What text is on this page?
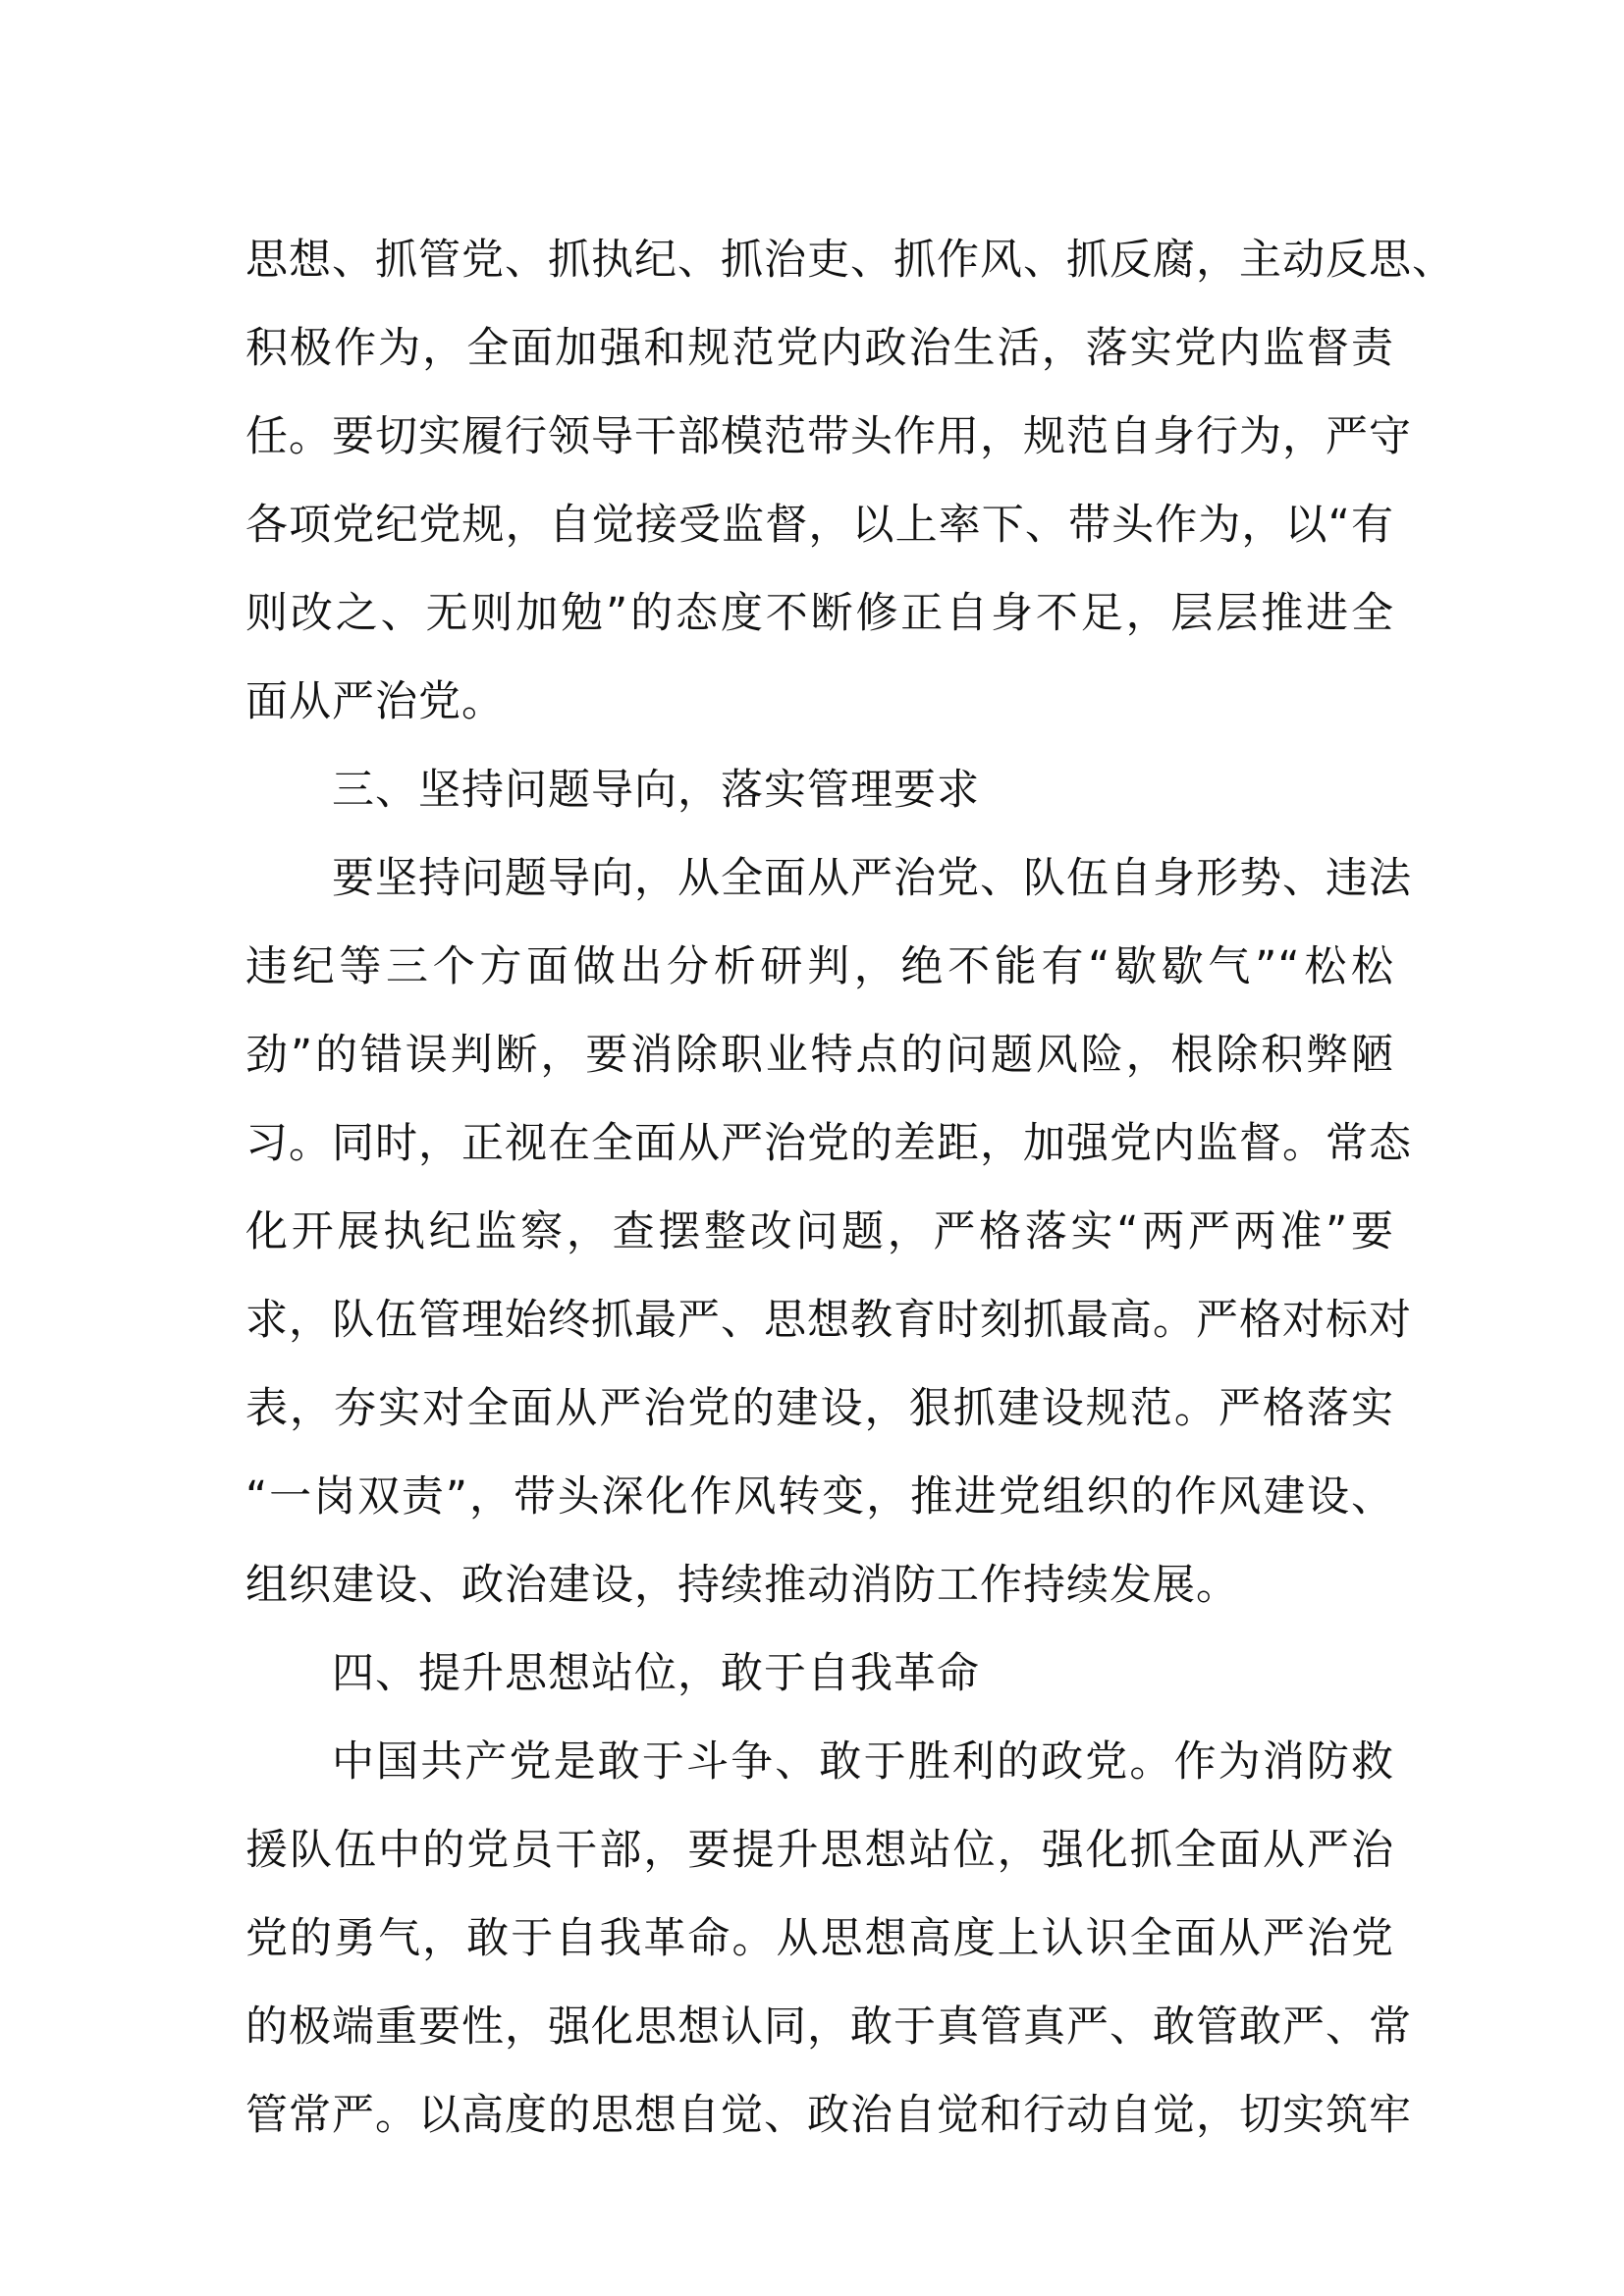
思想、抓管党、抓执纪、抓治吏、抓作风、抓反腐，主动反思、
积极作为，全面加强和规范党内政治生活，落实党内监督责
任。要切实履行领导干部模范带头作用，规范自身行为，严守
各项党纪党规，自觉接受监督，以上率下、带头作为，以“有
则改之、无则加勉”的态度不断修正自身不足，层层推进全
面从严治党。
三、坚持问题导向，落实管理要求
要坚持问题导向，从全面从严治党、队伍自身形势、违法
违纪等三个方面做出分析研判，绝不能有“歇歇气”“松松
劲”的错误判断，要消除职业特点的问题风险，根除积弊陋
习。同时，正视在全面从严治党的差距，加强党内监督。常态
化开展执纪监察，查摆整改问题，严格落实“两严两准”要
求，队伍管理始终抓最严、思想教育时刻抓最高。严格对标对
表，夯实对全面从严治党的建设，狠抓建设规范。严格落实
“一岗双责”，带头深化作风转变，推进党组织的作风建设、
组织建设、政治建设，持续推动消防工作持续发展。
四、提升思想站位，敢于自我革命
中国共产党是敢于斗争、敢于胜利的政党。作为消防救
援队伍中的党员干部，要提升思想站位，强化抓全面从严治
党的勇气，敢于自我革命。从思想高度上认识全面从严治党
的极端重要性，强化思想认同，敢于真管真严、敢管敢严、常
管常严。以高度的思想自觉、政治自觉和行动自觉，切实筑牢
